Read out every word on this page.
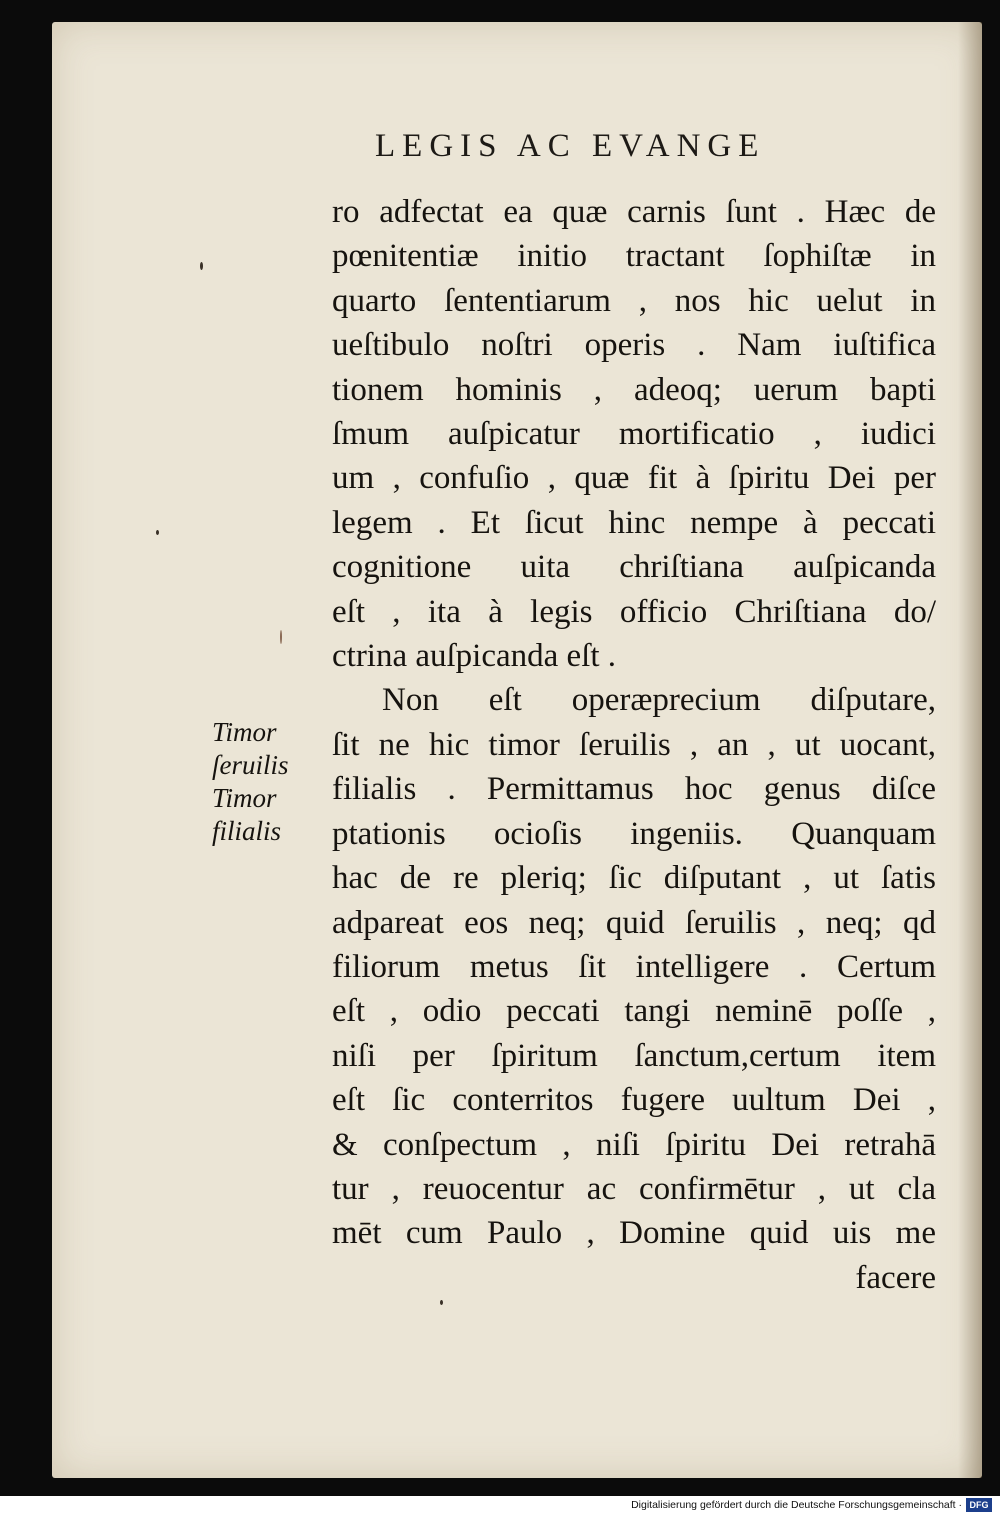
LEGIS AC EVANGE
ro adfectat ea quæ carnis ſunt . Hæc de
pœnitentiæ initio tractant ſophiſtæ in
quarto ſententiarum , nos hic uelut in
ueſtibulo noſtri operis . Nam iuſtifica
tionem hominis , adeoq; uerum bapti
ſmum auſpicatur mortificatio , iudici
um , confuſio , quæ fit à ſpiritu Dei per
legem . Et ſicut hinc nempe à peccati
cognitione uita chriſtiana auſpicanda
eſt , ita à legis officio Chriſtiana do/
ctrina auſpicanda eſt .
Non eſt operæprecium diſputare,
ſit ne hic timor ſeruilis , an , ut uocant,
filialis . Permittamus hoc genus diſce
ptationis ocioſis ingeniis. Quanquam
hac de re pleriq; ſic diſputant , ut ſatis
adpareat eos neq; quid ſeruilis , neq; qd
filiorum metus ſit intelligere . Certum
eſt , odio peccati tangi neminē poſſe ,
niſi per ſpiritum ſanctum,certum item
eſt ſic conterritos fugere uultum Dei ,
& conſpectum , niſi ſpiritu Dei retrahā
tur , reuocentur ac confirmētur , ut cla
mēt cum Paulo , Domine quid uis me
facere
Timor
ſeruilis
Timor
filialis
Digitalisierung gefördert durch die Deutsche Forschungsgemeinschaft · DFG
